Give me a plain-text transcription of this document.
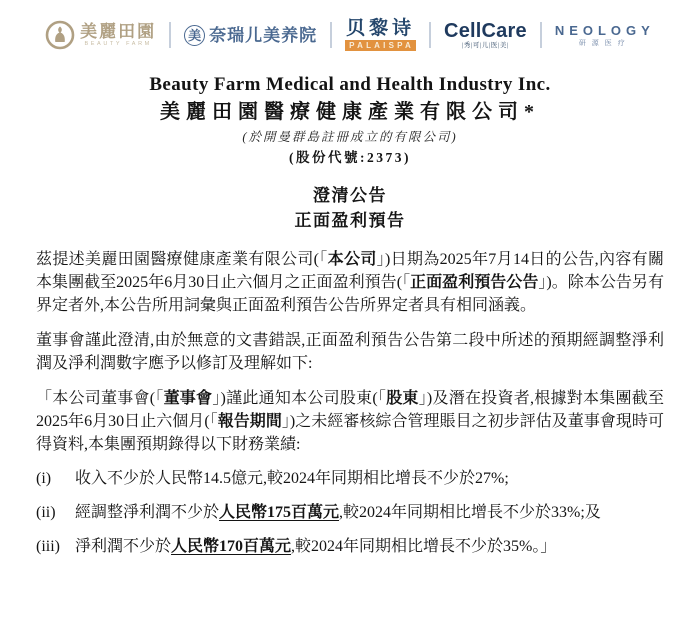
美麗田園
BEAUTY FARM
美 奈瑞儿美养院 贝黎诗
PALAISPA
CellCare
|秀|可|儿|医|美|
NEOLOGY
研源医疗
Beauty Farm Medical and Health Industry Inc.
美麗田園醫療健康產業有限公司*
(於開曼群島註冊成立的有限公司)
(股份代號:2373)
澄清公告
正面盈利預告
茲提述美麗田園醫療健康產業有限公司(「本公司」)日期為2025年7月14日的公告,內容有關本集團截至2025年6月30日止六個月之正面盈利預告(「正面盈利預告公告」)。除本公告另有界定者外,本公告所用詞彙與正面盈利預告公告所界定者具有相同涵義。
董事會謹此澄清,由於無意的文書錯誤,正面盈利預告公告第二段中所述的預期經調整淨利潤及淨利潤數字應予以修訂及理解如下:
「本公司董事會(「董事會」)謹此通知本公司股東(「股東」)及潛在投資者,根據對本集團截至2025年6月30日止六個月(「報告期間」)之未經審核綜合管理賬目之初步評估及董事會現時可得資料,本集團預期錄得以下財務業績:
(i)	收入不少於人民幣14.5億元,較2024年同期相比增長不少於27%;
(ii)	經調整淨利潤不少於人民幣175百萬元,較2024年同期相比增長不少於33%;及
(iii) 淨利潤不少於人民幣170百萬元,較2024年同期相比增長不少於35%。」
